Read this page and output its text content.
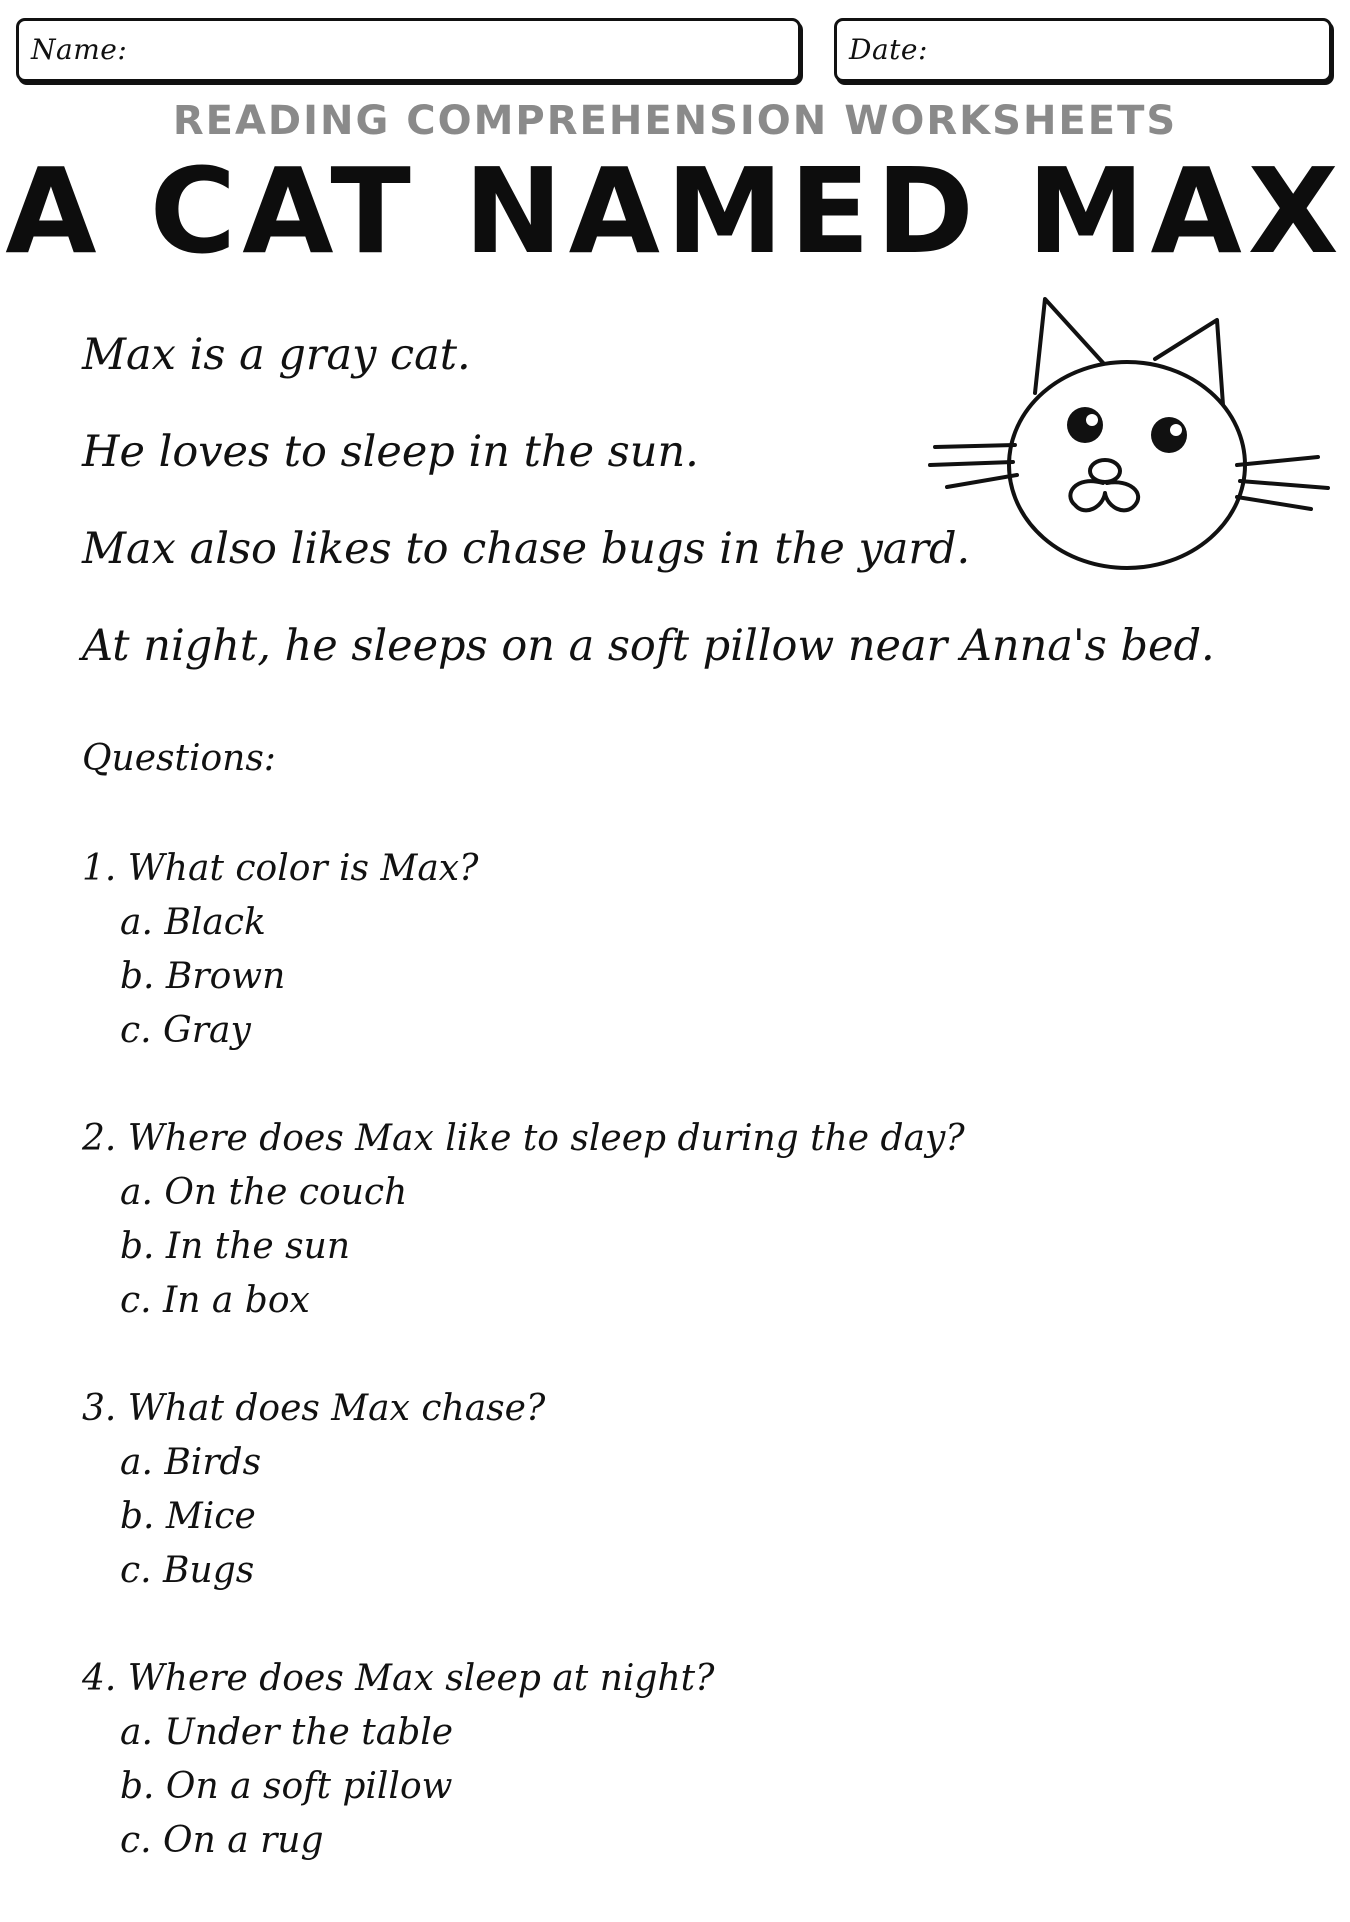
Name:	Date:
READING COMPREHENSION WORKSHEETS
A CAT NAMED MAX
Max is a gray cat.
He loves to sleep in the sun.
Max also likes to chase bugs in the yard.
At night, he sleeps on a soft pillow near Anna's bed.
Questions:
1. What color is Max?
a. Black
b. Brown
c. Gray
2. Where does Max like to sleep during the day?
a. On the couch
b. In the sun
c. In a box
3. What does Max chase?
a. Birds
b. Mice
c. Bugs
4. Where does Max sleep at night?
a. Under the table
b. On a soft pillow
c. On a rug
